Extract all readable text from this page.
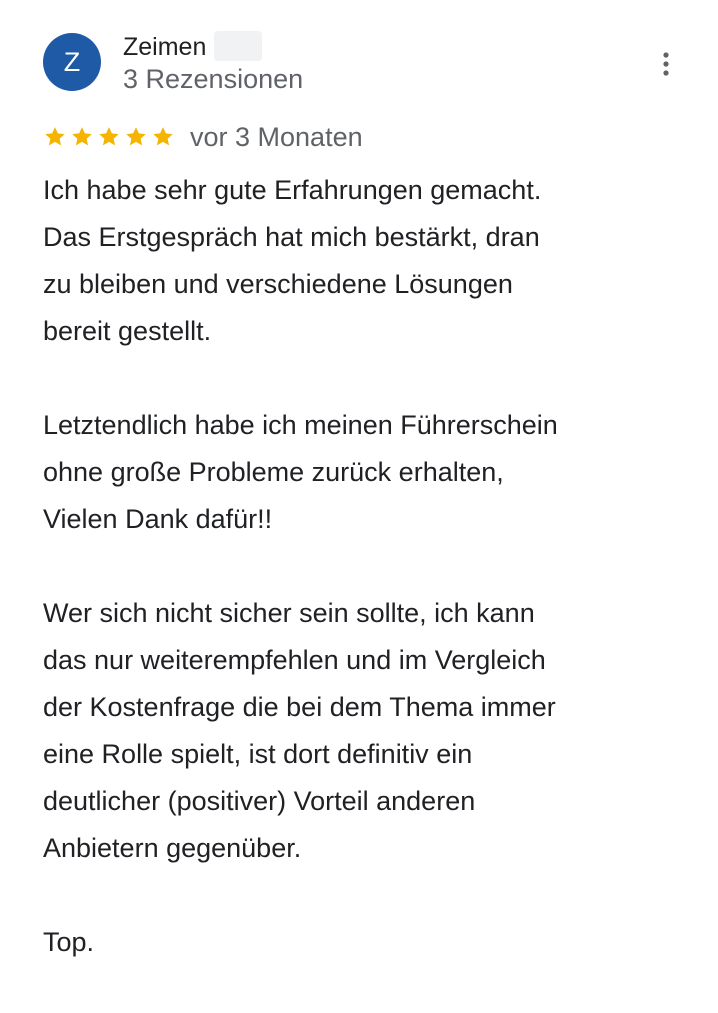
Z	Zeimen
3 Rezensionen
vor 3 Monaten

Ich habe sehr gute Erfahrungen gemacht.
Das Erstgespräch hat mich bestärkt, dran
zu bleiben und verschiedene Lösungen
bereit gestellt.

Letztendlich habe ich meinen Führerschein
ohne große Probleme zurück erhalten,
Vielen Dank dafür!!

Wer sich nicht sicher sein sollte, ich kann
das nur weiterempfehlen und im Vergleich
der Kostenfrage die bei dem Thema immer
eine Rolle spielt, ist dort definitiv ein
deutlicher (positiver) Vorteil anderen
Anbietern gegenüber.

Top.
